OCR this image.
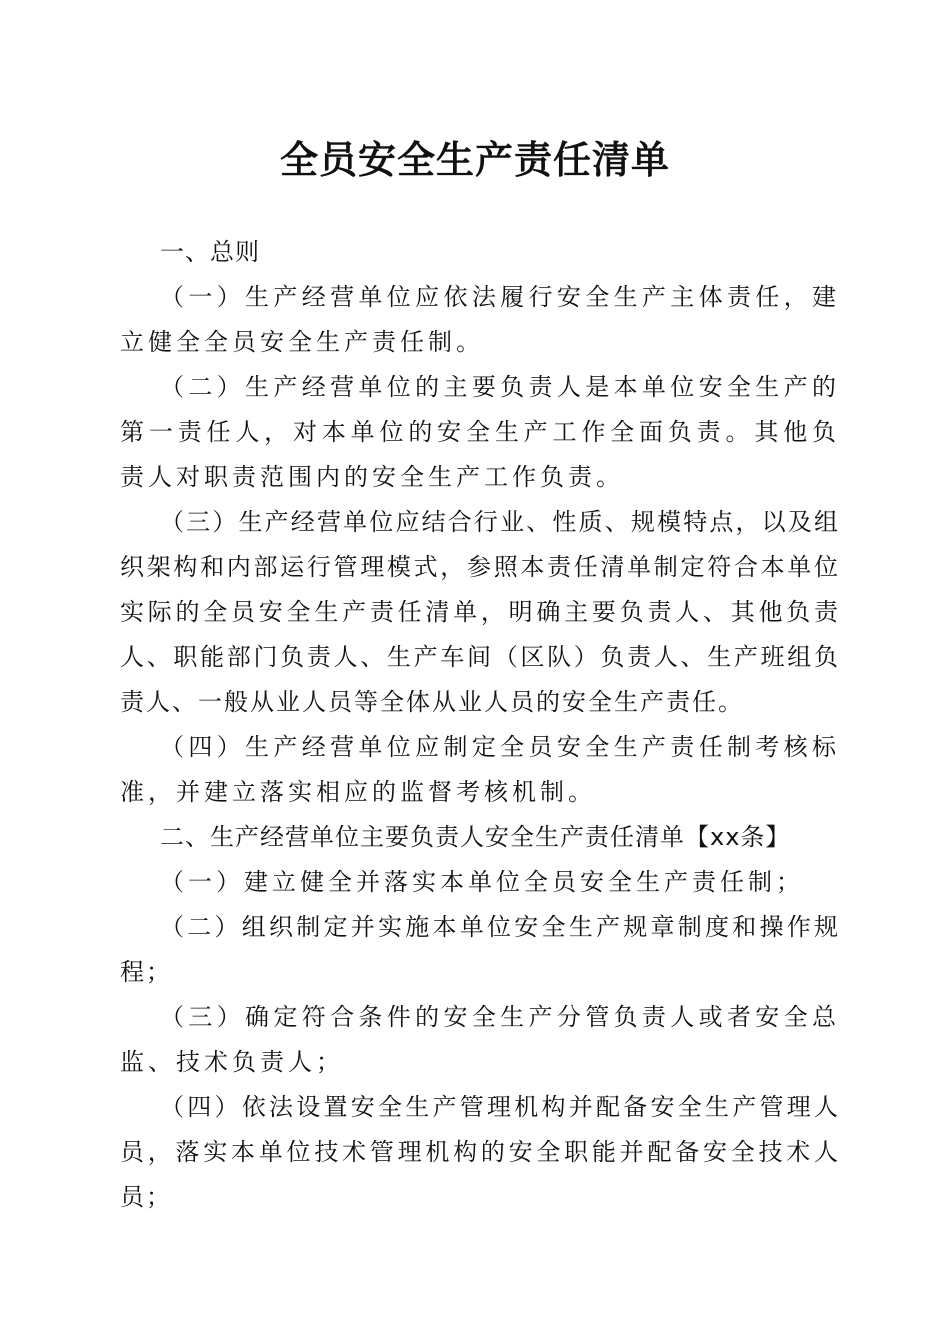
全员安全生产责任清单
一、总则

（一）生产经营单位应依法履行安全生产主体责任，建立健全全员安全生产责任制。

（二）生产经营单位的主要负责人是本单位安全生产的第一责任人，对本单位的安全生产工作全面负责。其他负责人对职责范围内的安全生产工作负责。

（三）生产经营单位应结合行业、性质、规模特点，以及组织架构和内部运行管理模式，参照本责任清单制定符合本单位实际的全员安全生产责任清单，明确主要负责人、其他负责人、职能部门负责人、生产车间（区队）负责人、生产班组负责人、一般从业人员等全体从业人员的安全生产责任。

（四）生产经营单位应制定全员安全生产责任制考核标准，并建立落实相应的监督考核机制。

二、生产经营单位主要负责人安全生产责任清单【xx条】

（一）建立健全并落实本单位全员安全生产责任制；

（二）组织制定并实施本单位安全生产规章制度和操作规程；

（三）确定符合条件的安全生产分管负责人或者安全总监、技术负责人；

（四）依法设置安全生产管理机构并配备安全生产管理人员，落实本单位技术管理机构的安全职能并配备安全技术人员；
